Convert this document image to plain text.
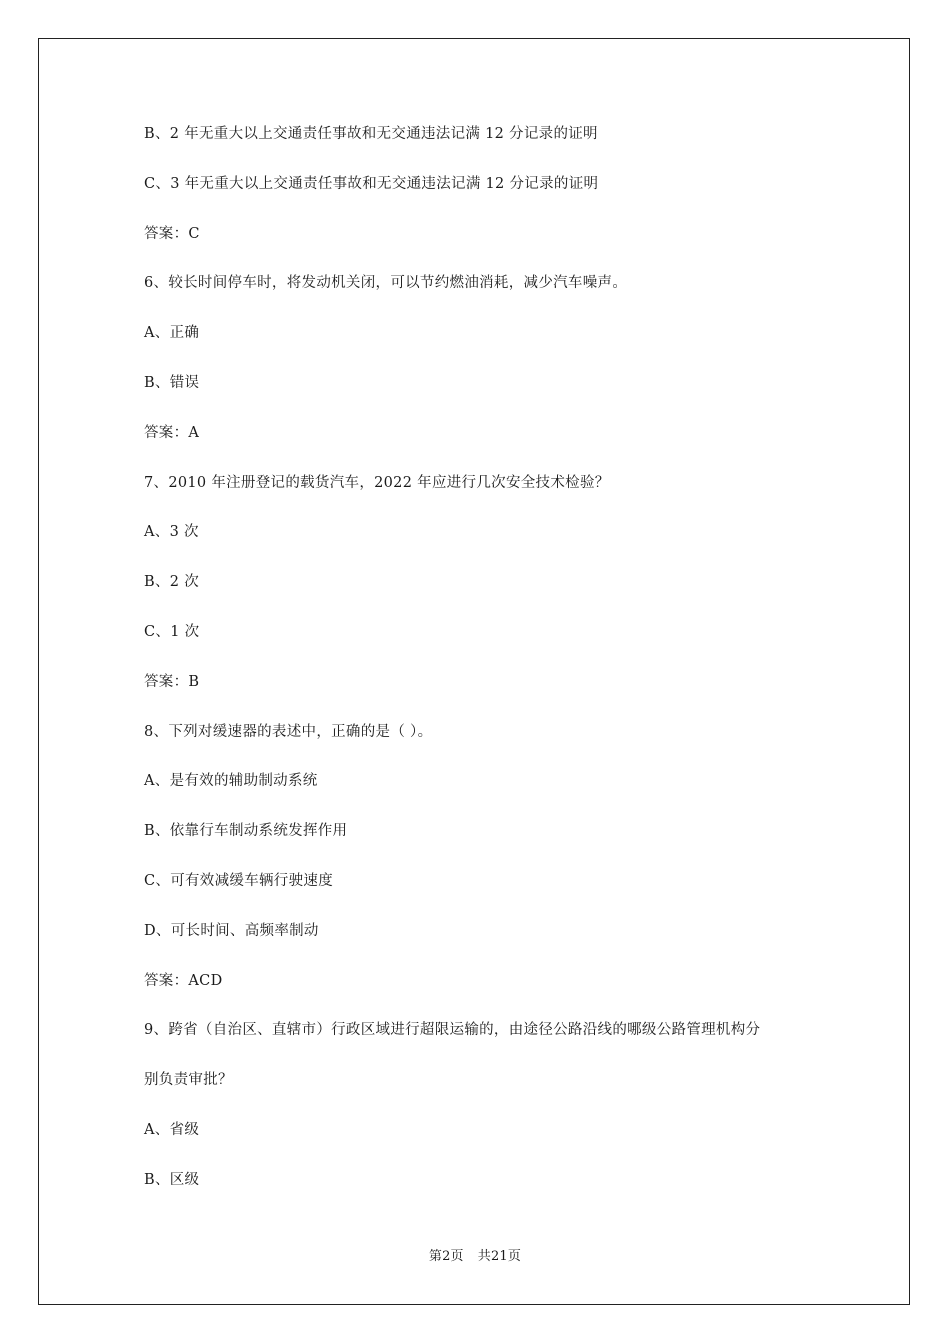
B、2 年无重大以上交通责任事故和无交通违法记满 12 分记录的证明
C、3 年无重大以上交通责任事故和无交通违法记满 12 分记录的证明
答案：C
6、较长时间停车时，将发动机关闭，可以节约燃油消耗，减少汽车噪声。
A、正确
B、错误
答案：A
7、2010 年注册登记的载货汽车，2022 年应进行几次安全技术检验？
A、3 次
B、2 次
C、1 次
答案：B
8、下列对缓速器的表述中，正确的是（ ）。
A、是有效的辅助制动系统
B、依靠行车制动系统发挥作用
C、可有效减缓车辆行驶速度
D、可长时间、高频率制动
答案：ACD
9、跨省（自治区、直辖市）行政区域进行超限运输的，由途径公路沿线的哪级公路管理机构分
别负责审批？
A、省级
B、区级
第2页 共21页
